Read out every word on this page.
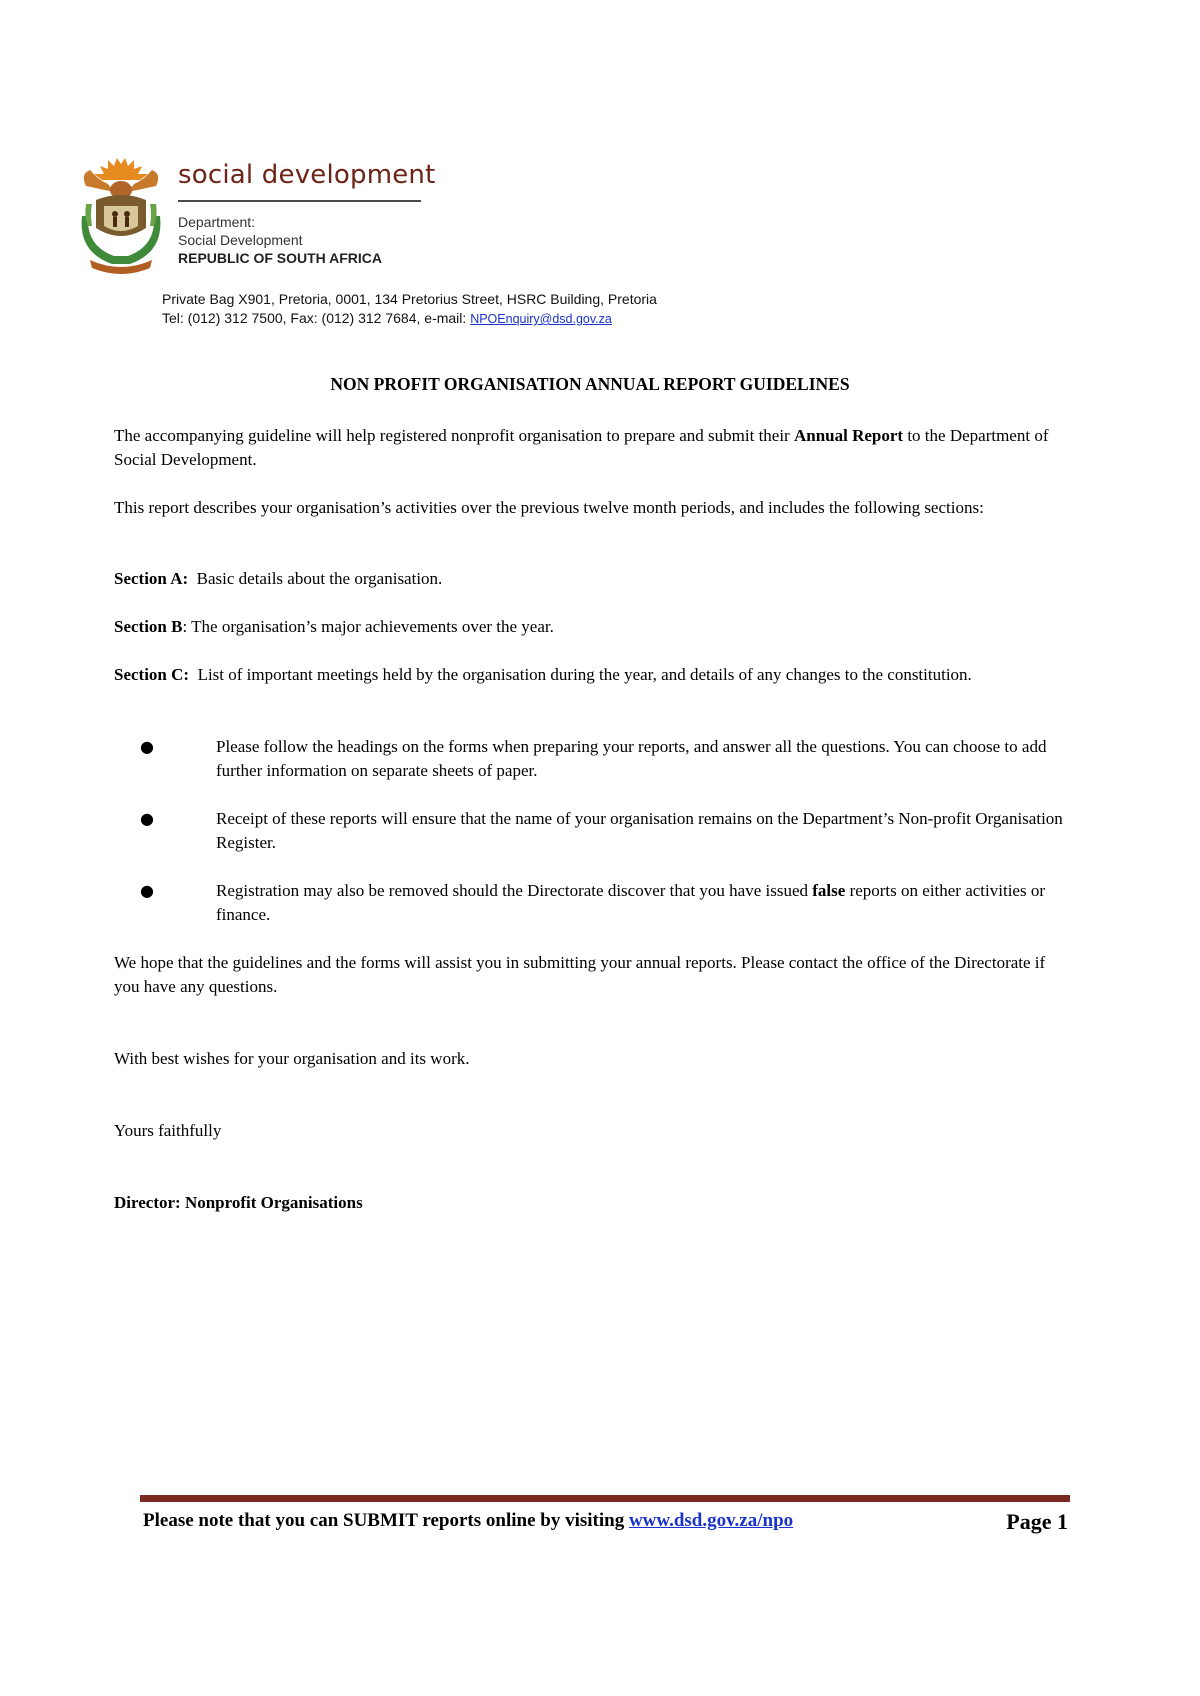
social development
Department:
Social Development
REPUBLIC OF SOUTH AFRICA
Private Bag X901, Pretoria, 0001, 134 Pretorius Street, HSRC Building, Pretoria
Tel: (012) 312 7500, Fax: (012) 312 7684, e-mail: NPOEnquiry@dsd.gov.za
NON PROFIT ORGANISATION ANNUAL REPORT GUIDELINES

The accompanying guideline will help registered nonprofit organisation to prepare and submit their Annual Report to the Department of Social Development.

This report describes your organisation’s activities over the previous twelve month periods, and includes the following sections:

Section A: Basic details about the organisation.

Section B: The organisation’s major achievements over the year.

Section C: List of important meetings held by the organisation during the year, and details of any changes to the constitution.

●	Please follow the headings on the forms when preparing your reports, and answer all the questions. You can choose to add further information on separate sheets of paper.
●	Receipt of these reports will ensure that the name of your organisation remains on the Department’s Non-profit Organisation Register.
●	Registration may also be removed should the Directorate discover that you have issued false reports on either activities or finance.

We hope that the guidelines and the forms will assist you in submitting your annual reports. Please contact the office of the Directorate if you have any questions.

With best wishes for your organisation and its work.
Yours faithfully
Director: Nonprofit Organisations
Please note that you can SUBMIT reports online by visiting www.dsd.gov.za/npo	Page 1
